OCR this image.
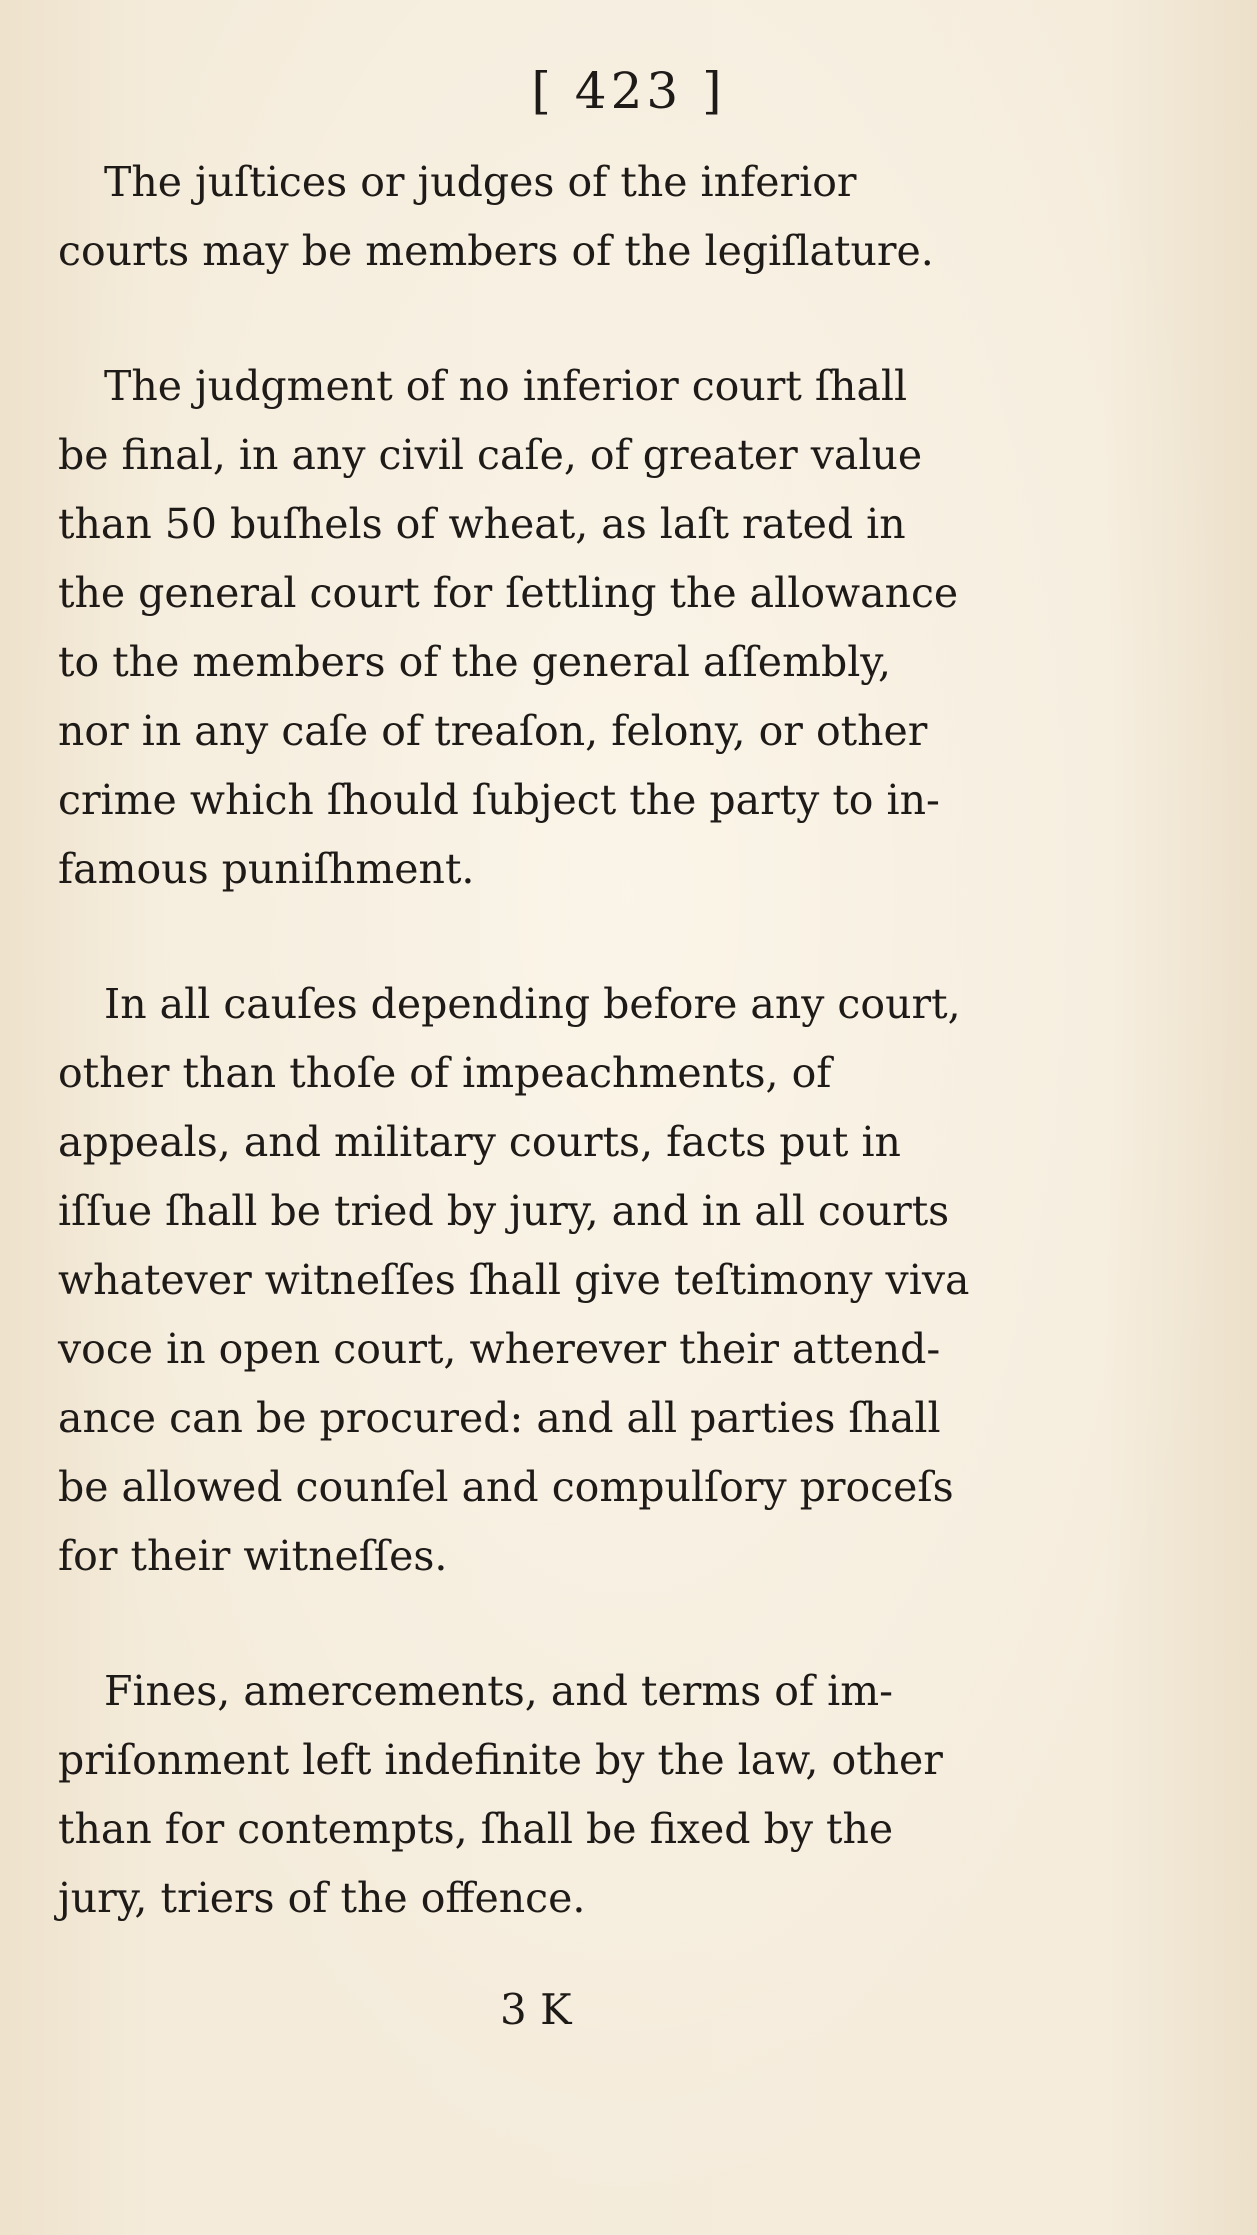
[ 423 ]

The juſtices or judges of the inferior
courts may be members of the legiſlature.

The judgment of no inferior court ſhall
be final, in any civil caſe, of greater value
than 50 buſhels of wheat, as laſt rated in
the general court for ſettling the allowance
to the members of the general aſſembly,
nor in any caſe of treaſon, felony, or other
crime which ſhould ſubject the party to in-
famous puniſhment.

In all cauſes depending before any court,
other than thoſe of impeachments, of
appeals, and military courts, facts put in
iſſue ſhall be tried by jury, and in all courts
whatever witneſſes ſhall give teſtimony viva
voce in open court, wherever their attend-
ance can be procured: and all parties ſhall
be allowed counſel and compulſory proceſs
for their witneſſes.

Fines, amercements, and terms of im-
priſonment left indefinite by the law, other
than for contempts, ſhall be fixed by the
jury, triers of the offence.

3 K
